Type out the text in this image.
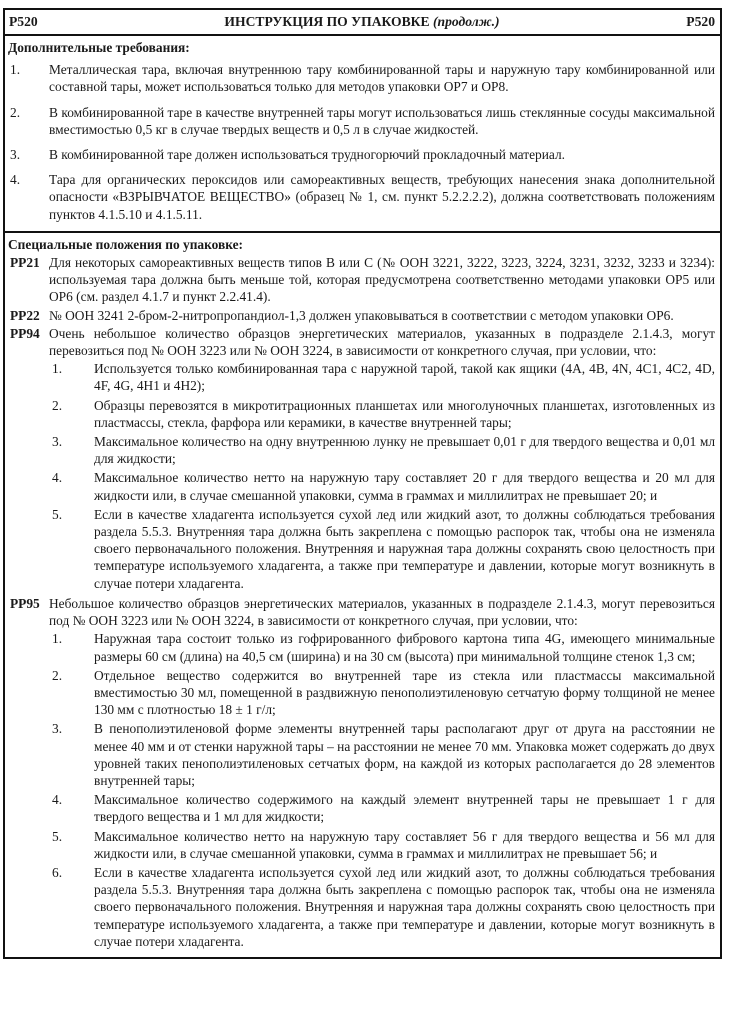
P520	ИНСТРУКЦИЯ ПО УПАКОВКЕ (продолж.)	P520
Дополнительные требования:
1.	Металлическая тара, включая внутреннюю тару комбинированной тары и наружную тару комбинированной или составной тары, может использоваться только для методов упаковки OP7 и OP8.
2.	В комбинированной таре в качестве внутренней тары могут использоваться лишь стеклянные сосуды максимальной вместимостью 0,5 кг в случае твердых веществ и 0,5 л в случае жидкостей.
3.	В комбинированной таре должен использоваться трудногорючий прокладочный материал.
4.	Тара для органических пероксидов или самореактивных веществ, требующих нанесения знака дополнительной опасности «ВЗРЫВЧАТОЕ ВЕЩЕСТВО» (образец № 1, см. пункт 5.2.2.2.2), должна соответствовать положениям пунктов 4.1.5.10 и 4.1.5.11.
Специальные положения по упаковке:
PP21 Для некоторых самореактивных веществ типов B или C (№ ООН 3221, 3222, 3223, 3224, 3231, 3232, 3233 и 3234): используемая тара должна быть меньше той, которая предусмотрена соответственно методами упаковки OP5 или OP6 (см. раздел 4.1.7 и пункт 2.2.41.4).
PP22 № ООН 3241 2-бром-2-нитропропандиол-1,3 должен упаковываться в соответствии с методом упаковки OP6.
PP94 Очень небольшое количество образцов энергетических материалов, указанных в подразделе 2.1.4.3, могут перевозиться под № ООН 3223 или № ООН 3224, в зависимости от конкретного случая, при условии, что:
1.	Используется только комбинированная тара с наружной тарой, такой как ящики (4A, 4B, 4N, 4C1, 4C2, 4D, 4F, 4G, 4H1 и 4H2);
2.	Образцы перевозятся в микротитрационных планшетах или многолуночных планшетах, изготовленных из пластмассы, стекла, фарфора или керамики, в качестве внутренней тары;
3.	Максимальное количество на одну внутреннюю лунку не превышает 0,01 г для твердого вещества и 0,01 мл для жидкости;
4.	Максимальное количество нетто на наружную тару составляет 20 г для твердого вещества и 20 мл для жидкости или, в случае смешанной упаковки, сумма в граммах и миллилитрах не превышает 20; и
5.	Если в качестве хладагента используется сухой лед или жидкий азот, то должны соблюдаться требования раздела 5.5.3. Внутренняя тара должна быть закреплена с помощью распорок так, чтобы она не изменяла своего первоначального положения. Внутренняя и наружная тара должны сохранять свою целостность при температуре используемого хладагента, а также при температуре и давлении, которые могут возникнуть в случае потери хладагента.
PP95 Небольшое количество образцов энергетических материалов, указанных в подразделе 2.1.4.3, могут перевозиться под № ООН 3223 или № ООН 3224, в зависимости от конкретного случая, при условии, что:
1.	Наружная тара состоит только из гофрированного фибрового картона типа 4G, имеющего минимальные размеры 60 см (длина) на 40,5 см (ширина) и на 30 см (высота) при минимальной толщине стенок 1,3 см;
2.	Отдельное вещество содержится во внутренней таре из стекла или пластмассы максимальной вместимостью 30 мл, помещенной в раздвижную пенополиэтиленовую сетчатую форму толщиной не менее 130 мм с плотностью 18 ± 1 г/л;
3.	В пенополиэтиленовой форме элементы внутренней тары располагают друг от друга на расстоянии не менее 40 мм и от стенки наружной тары – на расстоянии не менее 70 мм. Упаковка может содержать до двух уровней таких пенополиэтиленовых сетчатых форм, на каждой из которых располагается до 28 элементов внутренней тары;
4.	Максимальное количество содержимого на каждый элемент внутренней тары не превышает 1 г для твердого вещества и 1 мл для жидкости;
5.	Максимальное количество нетто на наружную тару составляет 56 г для твердого вещества и 56 мл для жидкости или, в случае смешанной упаковки, сумма в граммах и миллилитрах не превышает 56; и
6.	Если в качестве хладагента используется сухой лед или жидкий азот, то должны соблюдаться требования раздела 5.5.3. Внутренняя тара должна быть закреплена с помощью распорок так, чтобы она не изменяла своего первоначального положения. Внутренняя и наружная тара должны сохранять свою целостность при температуре используемого хладагента, а также при температуре и давлении, которые могут возникнуть в случае потери хладагента.
